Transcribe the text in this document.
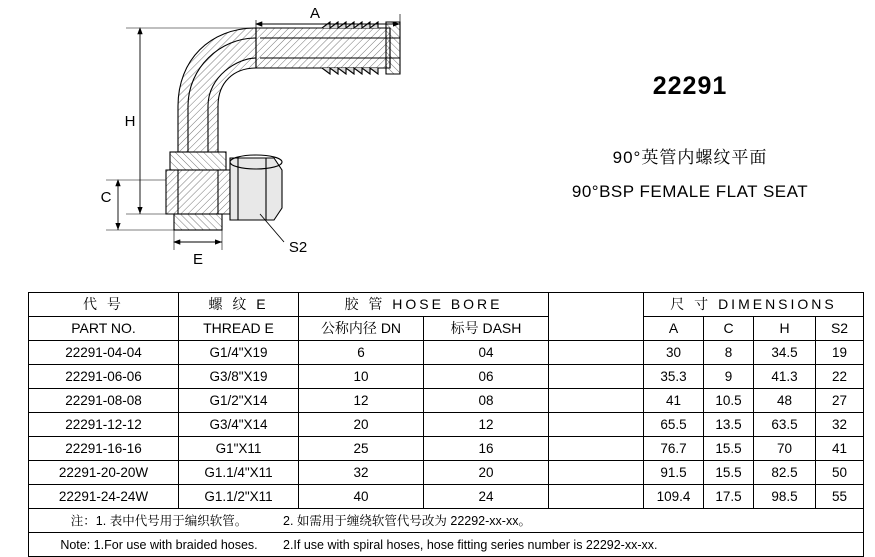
A
H
C
E
S2
22291
90°英管内螺纹平面
90°BSP FEMALE FLAT SEAT
代 号	螺 纹 E	胶 管 HOSE BORE			尺 寸 DIMENSIONS			
PART NO.	THREAD E	公称内径 DN	标号 DASH		A	C	H	S2
22291-04-04	G1/4"X19	6	04		30	8	34.5	19
22291-06-06	G3/8"X19	10	06		35.3	9	41.3	22
22291-08-08	G1/2"X14	12	08		41	10.5	48	27
22291-12-12	G3/4"X14	20	12		65.5	13.5	63.5	32
22291-16-16	G1"X11	25	16		76.7	15.5	70	41
22291-20-20W	G1.1/4"X11	32	20		91.5	15.5	82.5	50
22291-24-24W	G1.1/2"X11	40	24		109.4	17.5	98.5	55

注：1. 表中代号用于编织软管。 2. 如需用于缠绕软管代号改为 22292-xx-xx。								

Note: 1.For use with braided hoses. 2.If use with spiral hoses, hose fitting series number is 22292-xx-xx.								
